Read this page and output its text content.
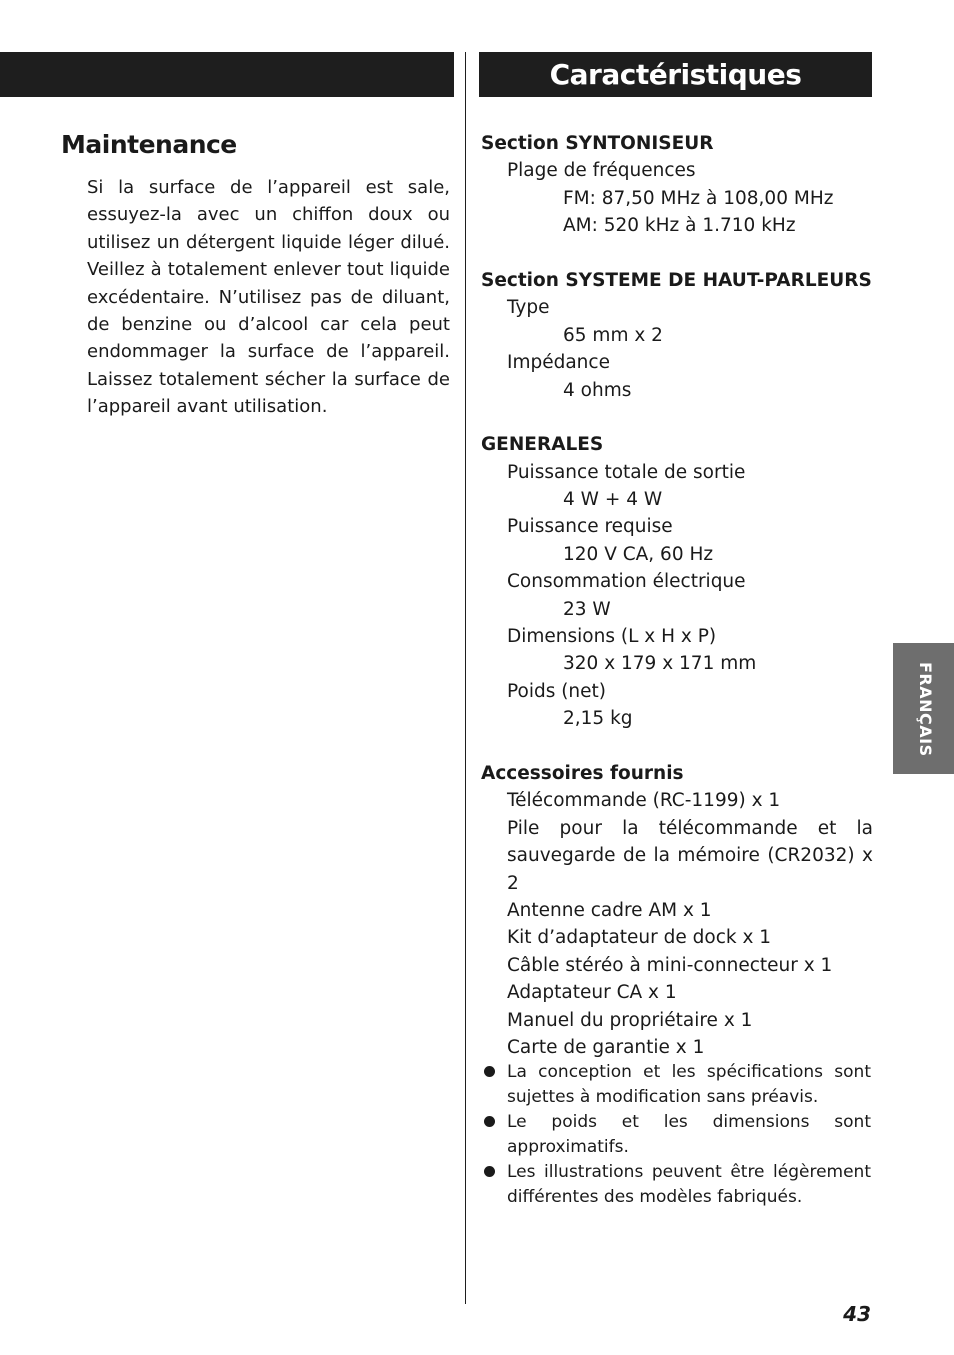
Caractéristiques
Maintenance

Si la surface de l’appareil est sale, essuyez-la avec un chiffon doux ou utilisez un détergent liquide léger dilué. Veillez à totalement enlever tout liquide excédentaire. N’utilisez pas de diluant, de benzine ou d’alcool car cela peut endommager la surface de l’appareil. Laissez totalement sécher la surface de l’appareil avant utilisation.

Section SYNTONISEUR
Plage de fréquences
FM: 87,50 MHz à 108,00 MHz
AM: 520 kHz à 1.710 kHz
Section SYSTEME DE HAUT-PARLEURS
Type
65 mm x 2
Impédance
4 ohms
GENERALES
Puissance totale de sortie
4 W + 4 W
Puissance requise
120 V CA, 60 Hz
Consommation électrique
23 W
Dimensions (L x H x P)
320 x 179 x 171 mm
Poids (net)
2,15 kg
Accessoires fournis
Télécommande (RC-1199) x 1
Pile pour la télécommande et la sauvegarde de la mémoire (CR2032) x 2
Antenne cadre AM x 1
Kit d’adaptateur de dock x 1
Câble stéréo à mini-connecteur x 1
Adaptateur CA x 1
Manuel du propriétaire x 1
Carte de garantie x 1
La conception et les spécifications sont sujettes à modification sans préavis.
Le poids et les dimensions sont approximatifs.
Les illustrations peuvent être légèrement différentes des modèles fabriqués.
FRANÇAIS
43
